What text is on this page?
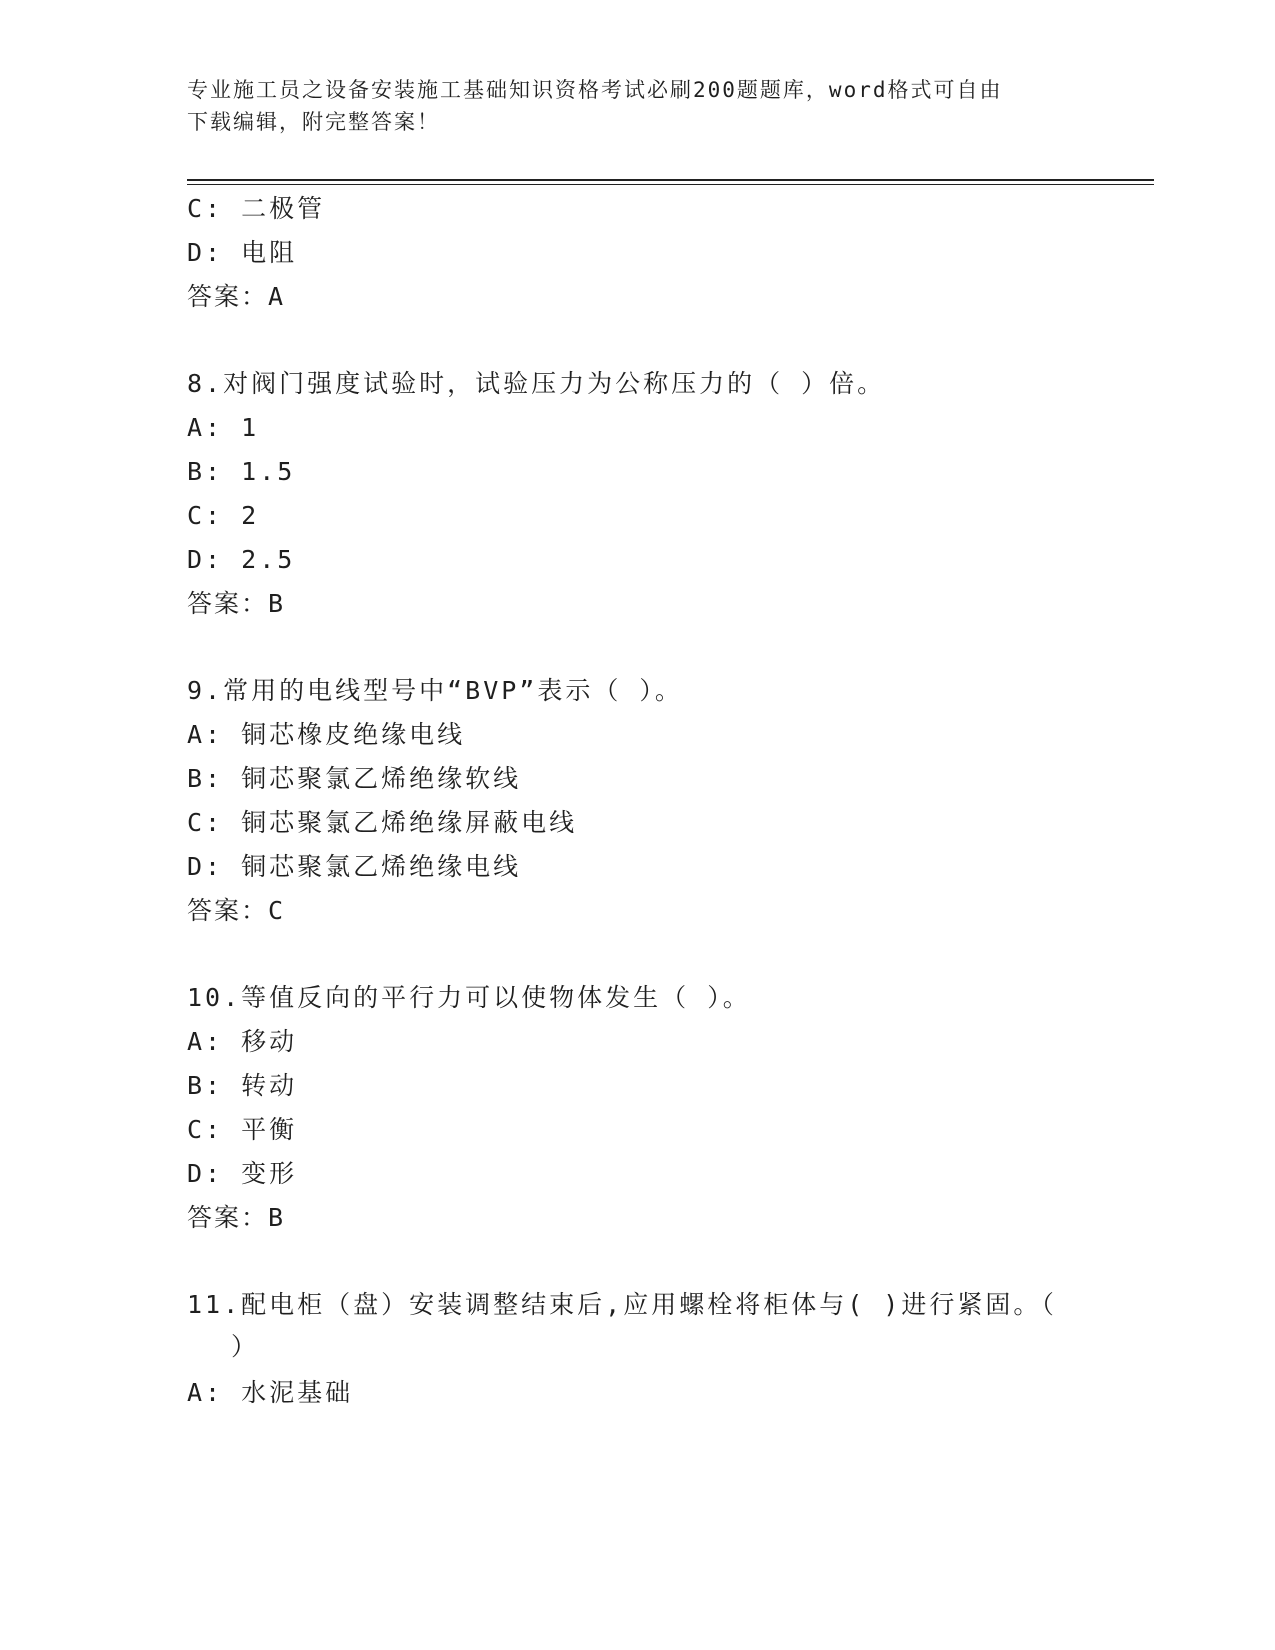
专业施工员之设备安装施工基础知识资格考试必刷200题题库，word格式可自由
下载编辑，附完整答案！
C: 二极管
D: 电阻
答案：A
8.对阀门强度试验时，试验压力为公称压力的（ ）倍。
A: 1
B: 1.5
C: 2
D: 2.5
答案：B
9.常用的电线型号中“BVP”表示（ ）。
A: 铜芯橡皮绝缘电线
B: 铜芯聚氯乙烯绝缘软线
C: 铜芯聚氯乙烯绝缘屏蔽电线
D: 铜芯聚氯乙烯绝缘电线
答案：C
10.等值反向的平行力可以使物体发生（ ）。
A: 移动
B: 转动
C: 平衡
D: 变形
答案：B
11.配电柜（盘）安装调整结束后,应用螺栓将柜体与( )进行紧固。（
）
A: 水泥基础
